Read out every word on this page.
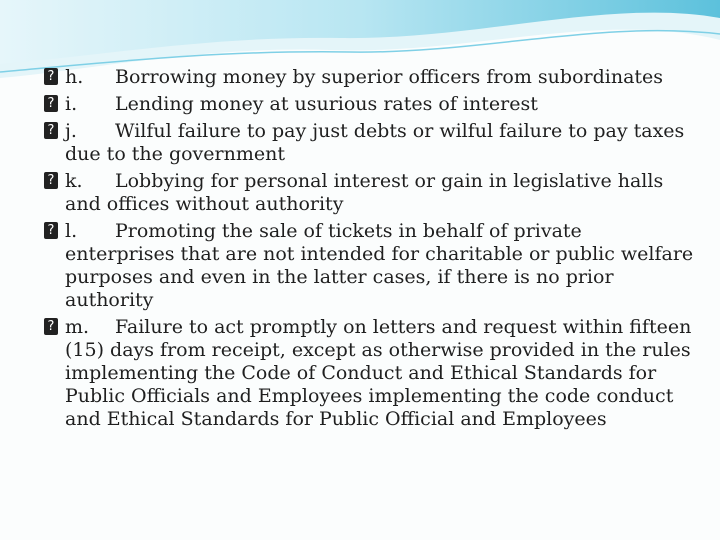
? h. Borrowing money by superior officers from subordinates
? i. Lending money at usurious rates of interest
? j. Wilful failure to pay just debts or wilful failure to pay taxes due to the government
? k. Lobbying for personal interest or gain in legislative halls and offices without authority
? l. Promoting the sale of tickets in behalf of private enterprises that are not intended for charitable or public welfare purposes and even in the latter cases, if there is no prior authority
? m. Failure to act promptly on letters and request within fifteen (15) days from receipt, except as otherwise provided in the rules implementing the Code of Conduct and Ethical Standards for Public Officials and Employees implementing the code conduct and Ethical Standards for Public Official and Employees
